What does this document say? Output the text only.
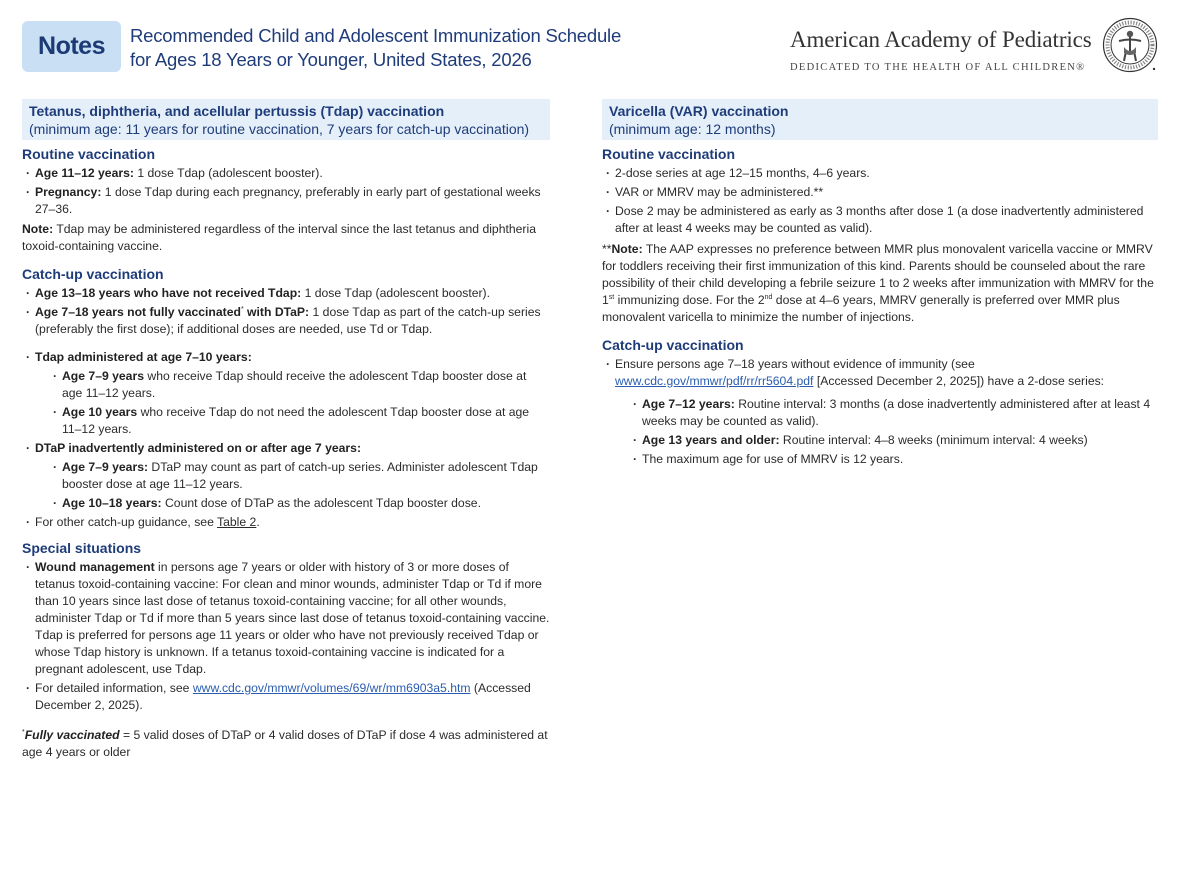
Notes	Recommended Child and Adolescent Immunization Schedule
for Ages 18 Years or Younger, United States, 2026
American Academy of Pediatrics
DEDICATED TO THE HEALTH OF ALL CHILDREN®
Tetanus, diphtheria, and acellular pertussis (Tdap) vaccination
(minimum age: 11 years for routine vaccination, 7 years for catch-up vaccination)
Routine vaccination
· Age 11–12 years: 1 dose Tdap (adolescent booster).
· Pregnancy: 1 dose Tdap during each pregnancy, preferably in early part of gestational weeks 27–36.

Note: Tdap may be administered regardless of the interval since the last tetanus and diphtheria toxoid-containing vaccine.

Catch-up vaccination
· Age 13–18 years who have not received Tdap: 1 dose Tdap (adolescent booster).
· Age 7–18 years not fully vaccinated* with DTaP: 1 dose Tdap as part of the catch-up series (preferably the first dose); if additional doses are needed, use Td or Tdap.
· Tdap administered at age 7–10 years:
· Age 7–9 years who receive Tdap should receive the adolescent Tdap booster dose at age 11–12 years.
· Age 10 years who receive Tdap do not need the adolescent Tdap booster dose at age 11–12 years.
· DTaP inadvertently administered on or after age 7 years:
· Age 7–9 years: DTaP may count as part of catch-up series. Administer adolescent Tdap booster dose at age 11–12 years.
· Age 10–18 years: Count dose of DTaP as the adolescent Tdap booster dose.
· For other catch-up guidance, see Table 2.
Special situations
· Wound management in persons age 7 years or older with history of 3 or more doses of tetanus toxoid-containing vaccine: For clean and minor wounds, administer Tdap or Td if more than 10 years since last dose of tetanus toxoid-containing vaccine; for all other wounds, administer Tdap or Td if more than 5 years since last dose of tetanus toxoid-containing vaccine. Tdap is preferred for persons age 11 years or older who have not previously received Tdap or whose Tdap history is unknown. If a tetanus toxoid-containing vaccine is indicated for a pregnant adolescent, use Tdap.
· For detailed information, see www.cdc.gov/mmwr/volumes/69/wr/mm6903a5.htm (Accessed December 2, 2025).

*Fully vaccinated = 5 valid doses of DTaP or 4 valid doses of DTaP if dose 4 was administered at age 4 years or older

Varicella (VAR) vaccination
(minimum age: 12 months)
Routine vaccination
· 2-dose series at age 12–15 months, 4–6 years.
· VAR or MMRV may be administered.**
· Dose 2 may be administered as early as 3 months after dose 1 (a dose inadvertently administered after at least 4 weeks may be counted as valid).

**Note: The AAP expresses no preference between MMR plus monovalent varicella vaccine or MMRV for toddlers receiving their first immunization of this kind. Parents should be counseled about the rare possibility of their child developing a febrile seizure 1 to 2 weeks after immunization with MMRV for the 1st immunizing dose. For the 2nd dose at 4–6 years, MMRV generally is preferred over MMR plus monovalent varicella to minimize the number of injections.

Catch-up vaccination
· Ensure persons age 7–18 years without evidence of immunity (see www.cdc.gov/mmwr/pdf/rr/rr5604.pdf [Accessed December 2, 2025]) have a 2-dose series:
· Age 7–12 years: Routine interval: 3 months (a dose inadvertently administered after at least 4 weeks may be counted as valid).
· Age 13 years and older: Routine interval: 4–8 weeks (minimum interval: 4 weeks)
· The maximum age for use of MMRV is 12 years.
